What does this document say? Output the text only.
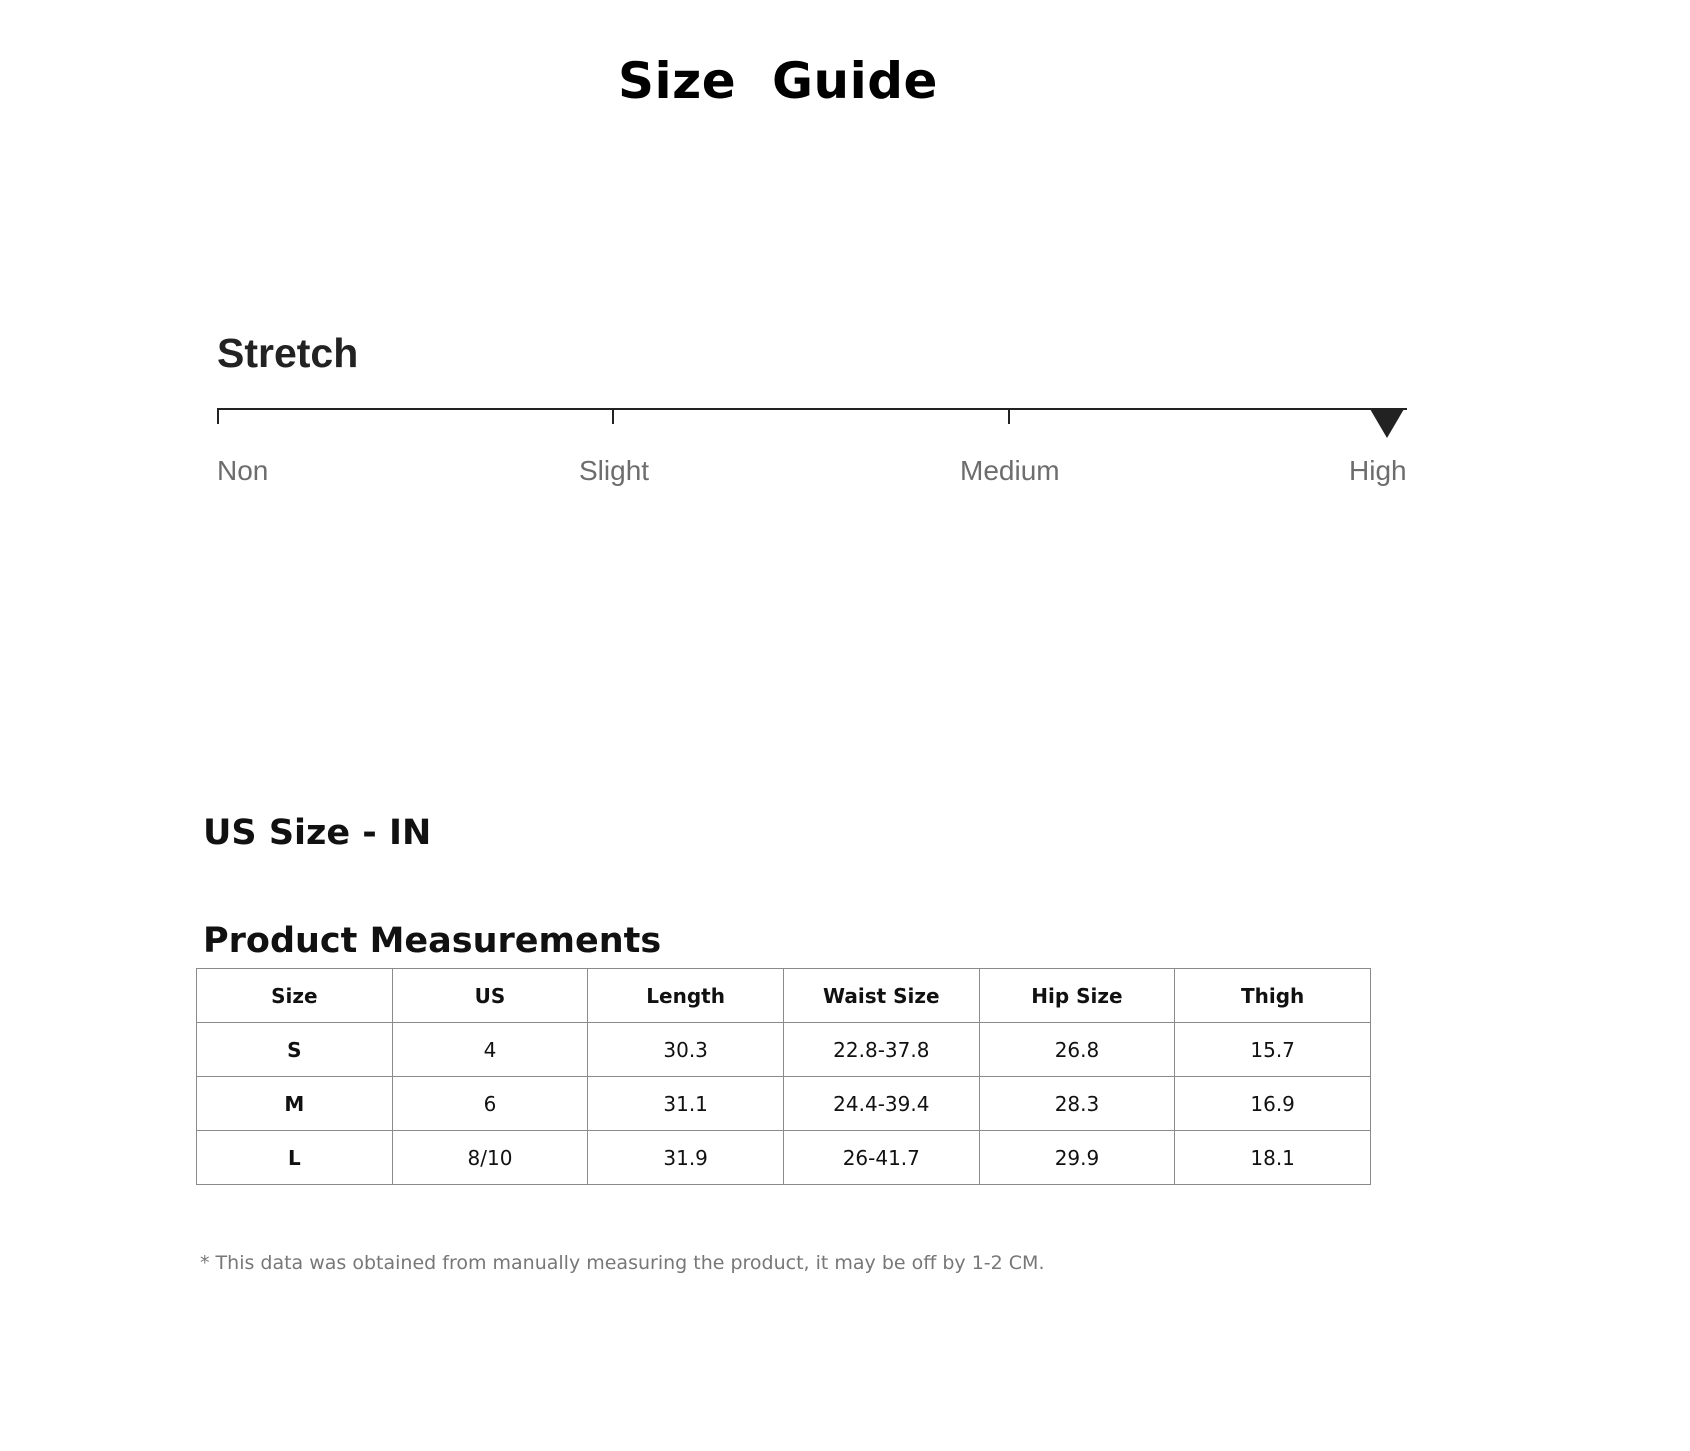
Size  Guide
Stretch
Non	Slight	Medium	High
US Size - IN
Product Measurements
Size	US	Length	Waist Size	Hip Size	Thigh
S	4	30.3	22.8-37.8	26.8	15.7
M	6	31.1	24.4-39.4	28.3	16.9
L	8/10	31.9	26-41.7	29.9	18.1

* This data was obtained from manually measuring the product, it may be off by 1-2 CM.
